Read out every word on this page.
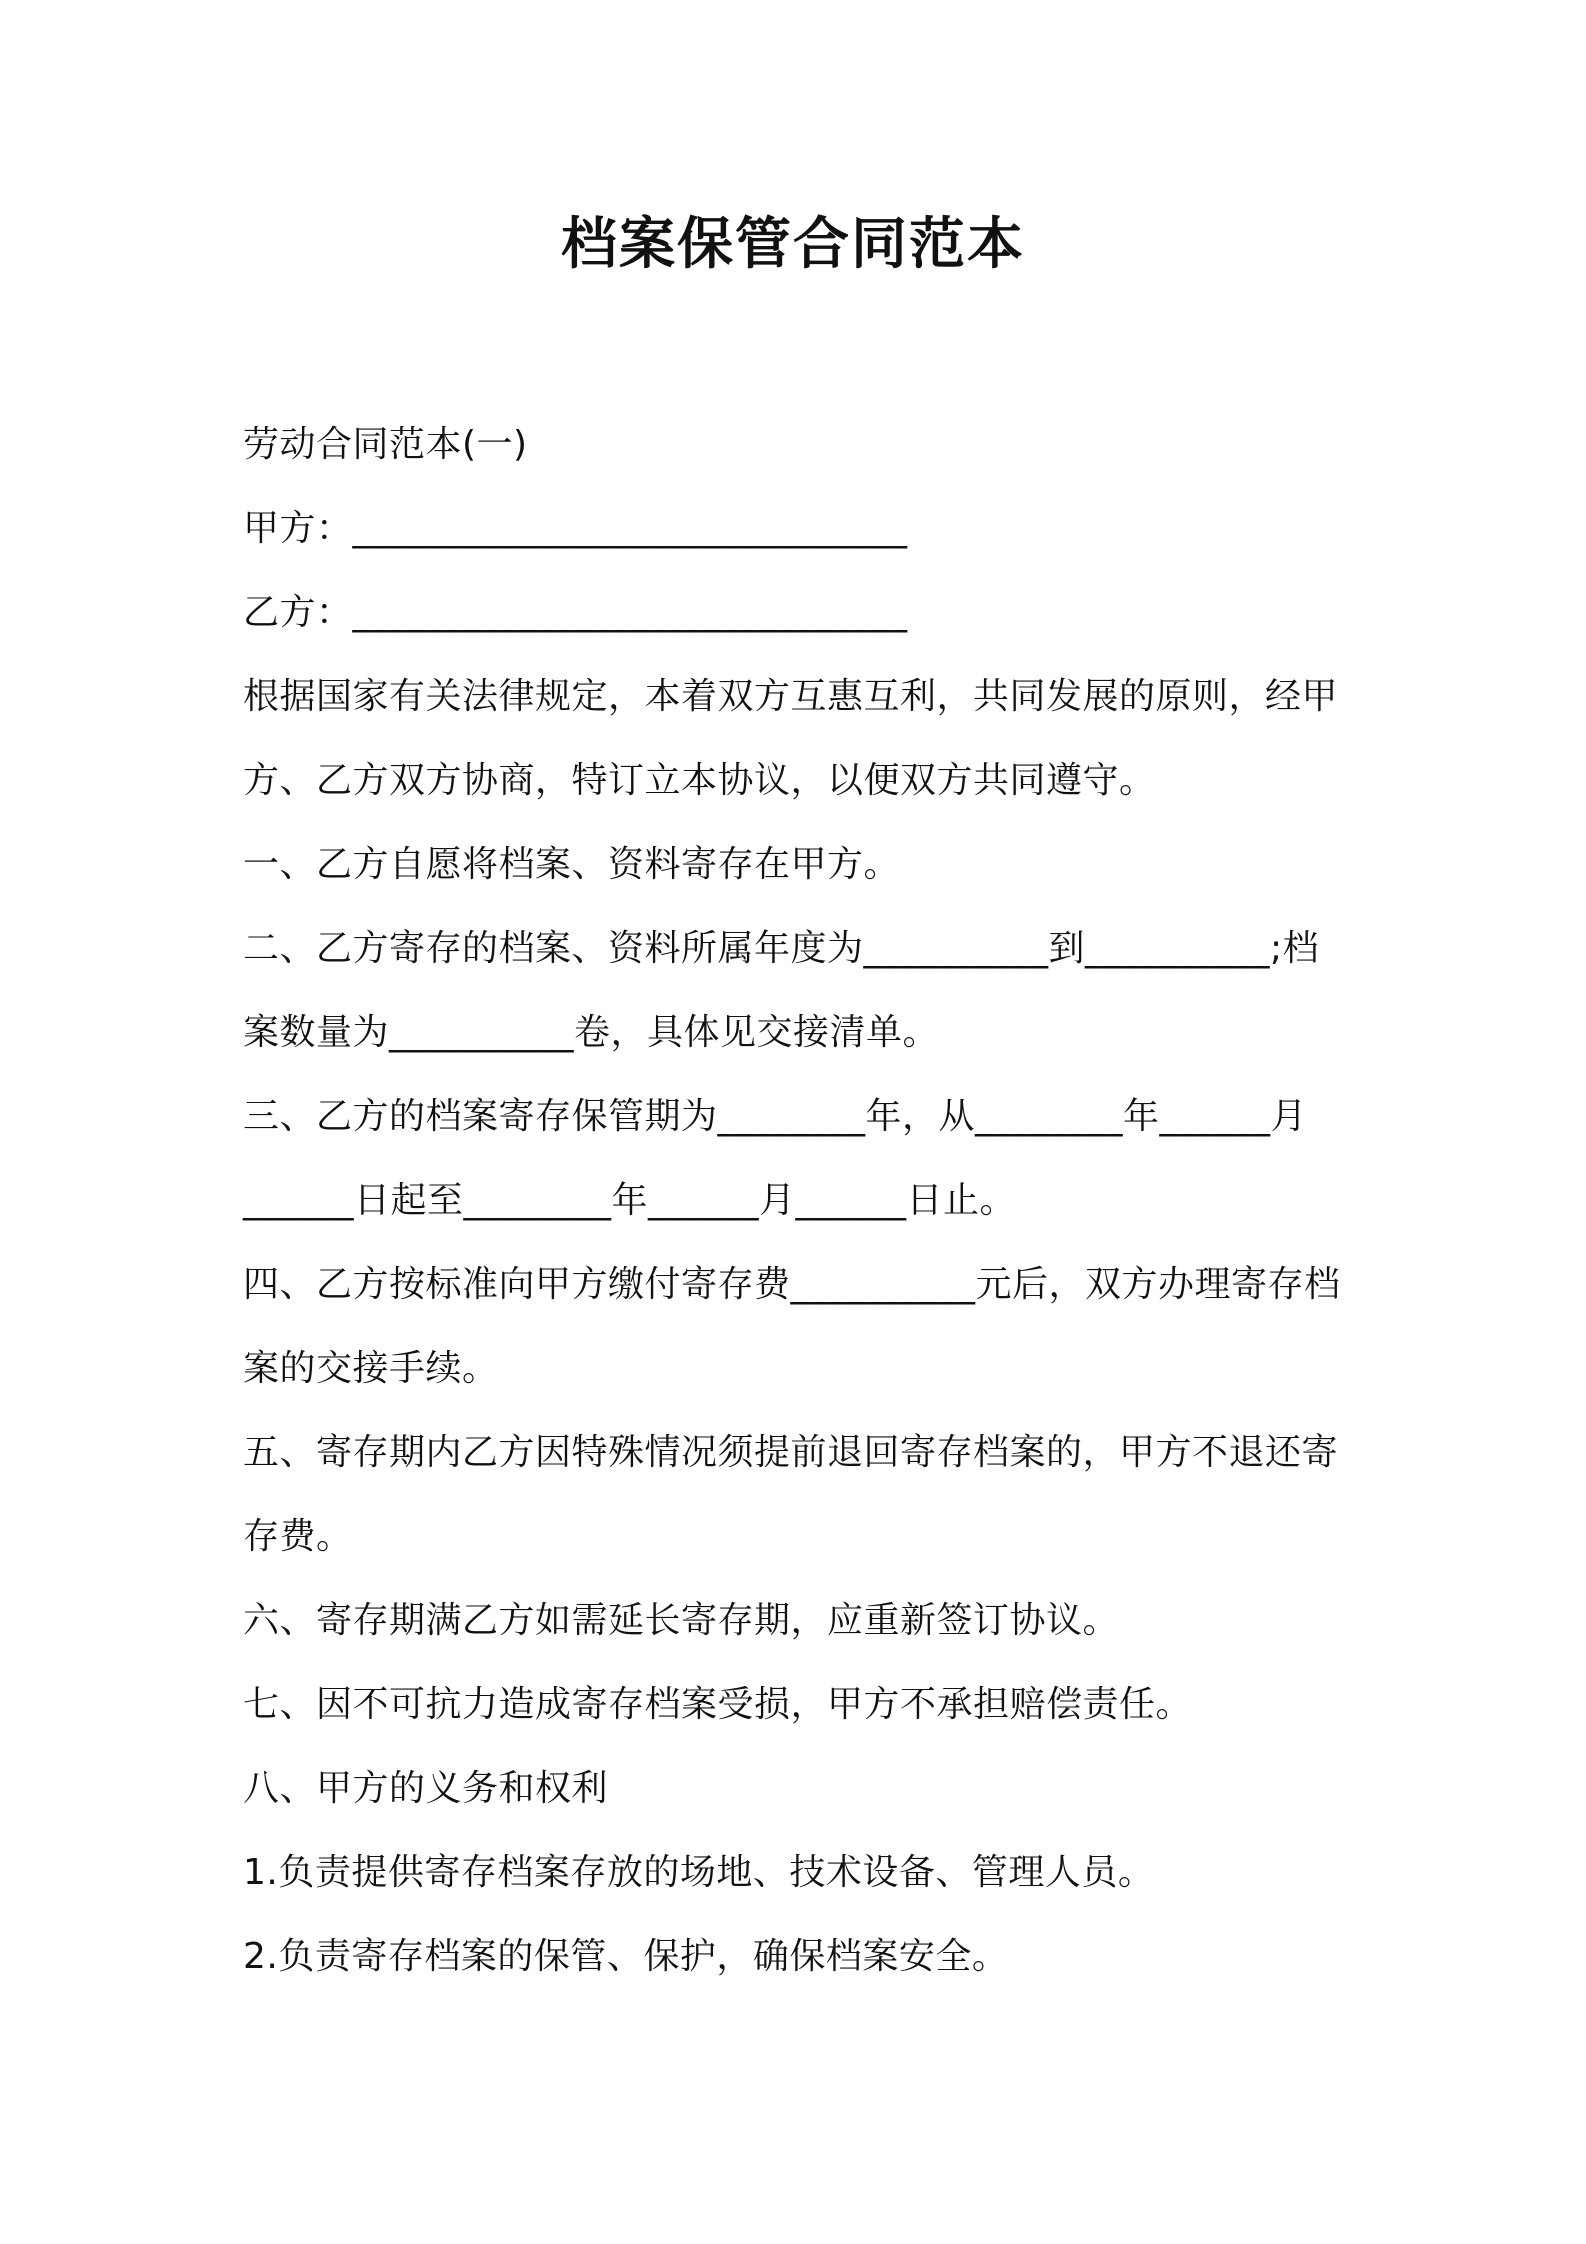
档案保管合同范本

劳动合同范本(一)

甲方：______________________________

乙方：______________________________

根据国家有关法律规定，本着双方互惠互利，共同发展的原则，经甲

方、乙方双方协商，特订立本协议，以便双方共同遵守。

一、乙方自愿将档案、资料寄存在甲方。

二、乙方寄存的档案、资料所属年度为__________到__________;档

案数量为__________卷，具体见交接清单。

三、乙方的档案寄存保管期为________年，从________年______月

______日起至________年______月______日止。

四、乙方按标准向甲方缴付寄存费__________元后，双方办理寄存档

案的交接手续。

五、寄存期内乙方因特殊情况须提前退回寄存档案的，甲方不退还寄

存费。

六、寄存期满乙方如需延长寄存期，应重新签订协议。

七、因不可抗力造成寄存档案受损，甲方不承担赔偿责任。

八、甲方的义务和权利

1.负责提供寄存档案存放的场地、技术设备、管理人员。

2.负责寄存档案的保管、保护，确保档案安全。
